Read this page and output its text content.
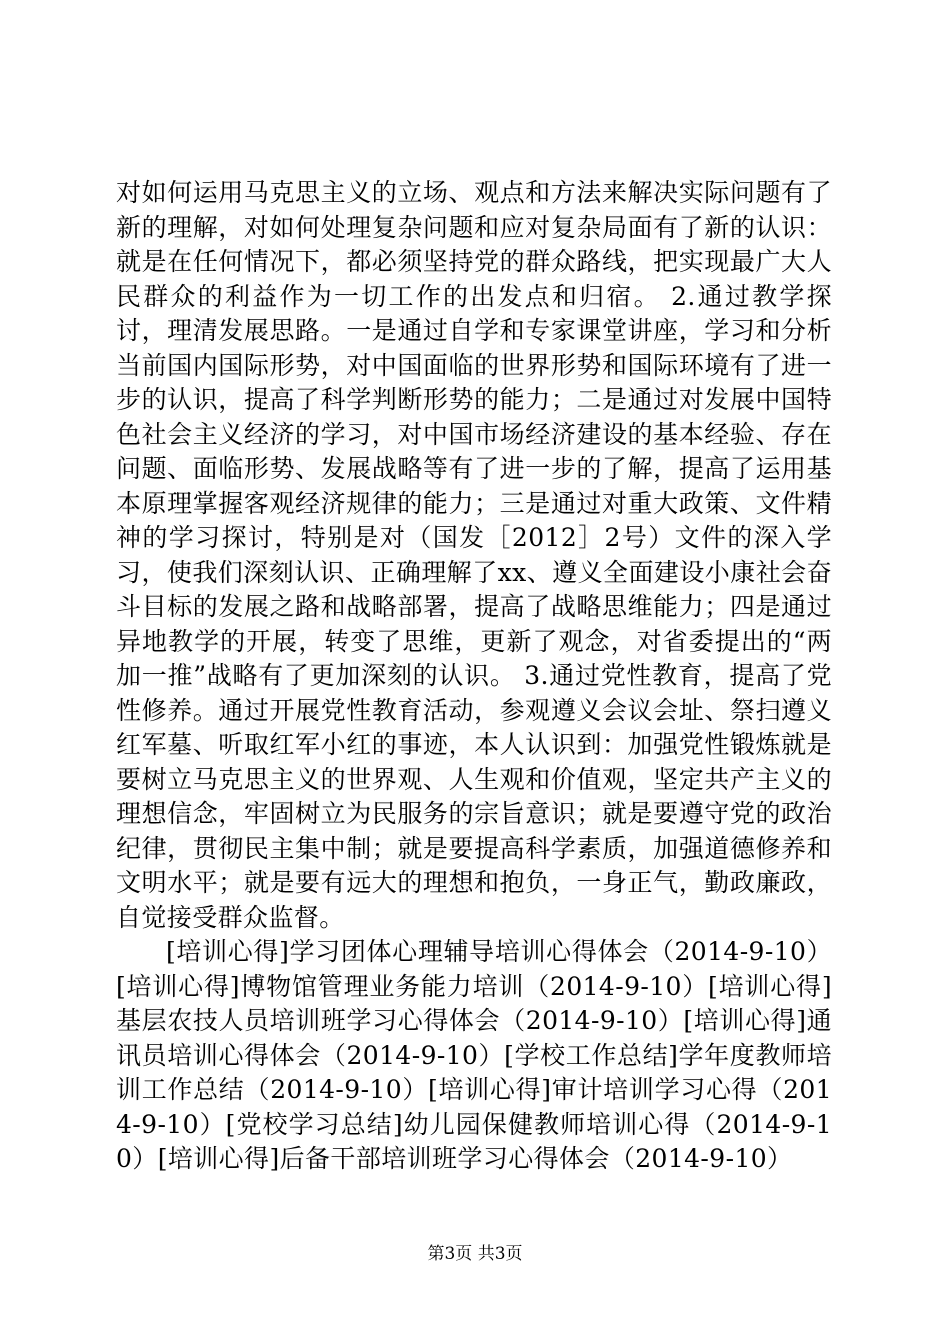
对如何运用马克思主义的立场、观点和方法来解决实际问题有了新的理解，对如何处理复杂问题和应对复杂局面有了新的认识：就是在任何情况下，都必须坚持党的群众路线，把实现最广大人民群众的利益作为一切工作的出发点和归宿。 2.通过教学探讨，理清发展思路。一是通过自学和专家课堂讲座，学习和分析当前国内国际形势，对中国面临的世界形势和国际环境有了进一步的认识，提高了科学判断形势的能力；二是通过对发展中国特色社会主义经济的学习，对中国市场经济建设的基本经验、存在问题、面临形势、发展战略等有了进一步的了解，提高了运用基本原理掌握客观经济规律的能力；三是通过对重大政策、文件精神的学习探讨，特别是对（国发［2012］2号）文件的深入学习，使我们深刻认识、正确理解了xx、遵义全面建设小康社会奋斗目标的发展之路和战略部署，提高了战略思维能力；四是通过异地教学的开展，转变了思维，更新了观念，对省委提出的“两加一推”战略有了更加深刻的认识。 3.通过党性教育，提高了党性修养。通过开展党性教育活动，参观遵义会议会址、祭扫遵义红军墓、听取红军小红的事迹，本人认识到：加强党性锻炼就是要树立马克思主义的世界观、人生观和价值观，坚定共产主义的理想信念，牢固树立为民服务的宗旨意识；就是要遵守党的政治纪律，贯彻民主集中制；就是要提高科学素质，加强道德修养和文明水平；就是要有远大的理想和抱负，一身正气，勤政廉政，自觉接受群众监督。

[培训心得]学习团体心理辅导培训心得体会（2014-9-10）[培训心得]博物馆管理业务能力培训（2014-9-10）[培训心得]基层农技人员培训班学习心得体会（2014-9-10）[培训心得]通讯员培训心得体会（2014-9-10）[学校工作总结]学年度教师培训工作总结（2014-9-10）[培训心得]审计培训学习心得（2014-9-10）[党校学习总结]幼儿园保健教师培训心得（2014-9-10）[培训心得]后备干部培训班学习心得体会（2014-9-10）

第3页 共3页
